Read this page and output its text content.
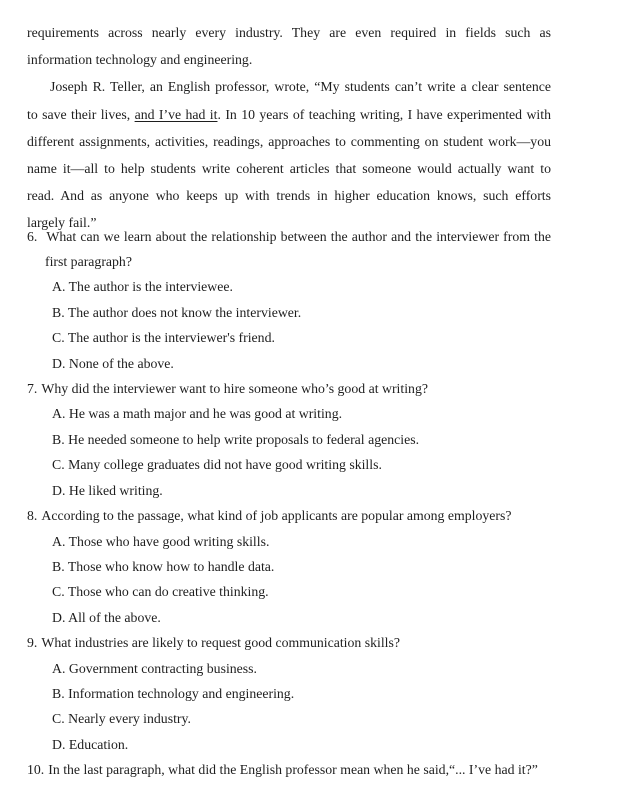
requirements across nearly every industry. They are even required in fields such as
information technology and engineering.
Joseph R. Teller, an English professor, wrote, “My students can’t write a clear sentence
to save their lives, and I’ve had it. In 10 years of teaching writing, I have experimented with
different assignments, activities, readings, approaches to commenting on student work—you
name it—all to help students write coherent articles that someone would actually want to
read. And as anyone who keeps up with trends in higher education knows, such efforts
largely fail.”
6. What can we learn about the relationship between the author and the interviewer from the
first paragraph?
A. The author is the interviewee.
B. The author does not know the interviewer.
C. The author is the interviewer's friend.
D. None of the above.
7. Why did the interviewer want to hire someone who’s good at writing?
A. He was a math major and he was good at writing.
B. He needed someone to help write proposals to federal agencies.
C. Many college graduates did not have good writing skills.
D. He liked writing.
8. According to the passage, what kind of job applicants are popular among employers?
A. Those who have good writing skills.
B. Those who know how to handle data.
C. Those who can do creative thinking.
D. All of the above.
9. What industries are likely to request good communication skills?
A. Government contracting business.
B. Information technology and engineering.
C. Nearly every industry.
D. Education.
10. In the last paragraph, what did the English professor mean when he said,“... I’ve had it?”
